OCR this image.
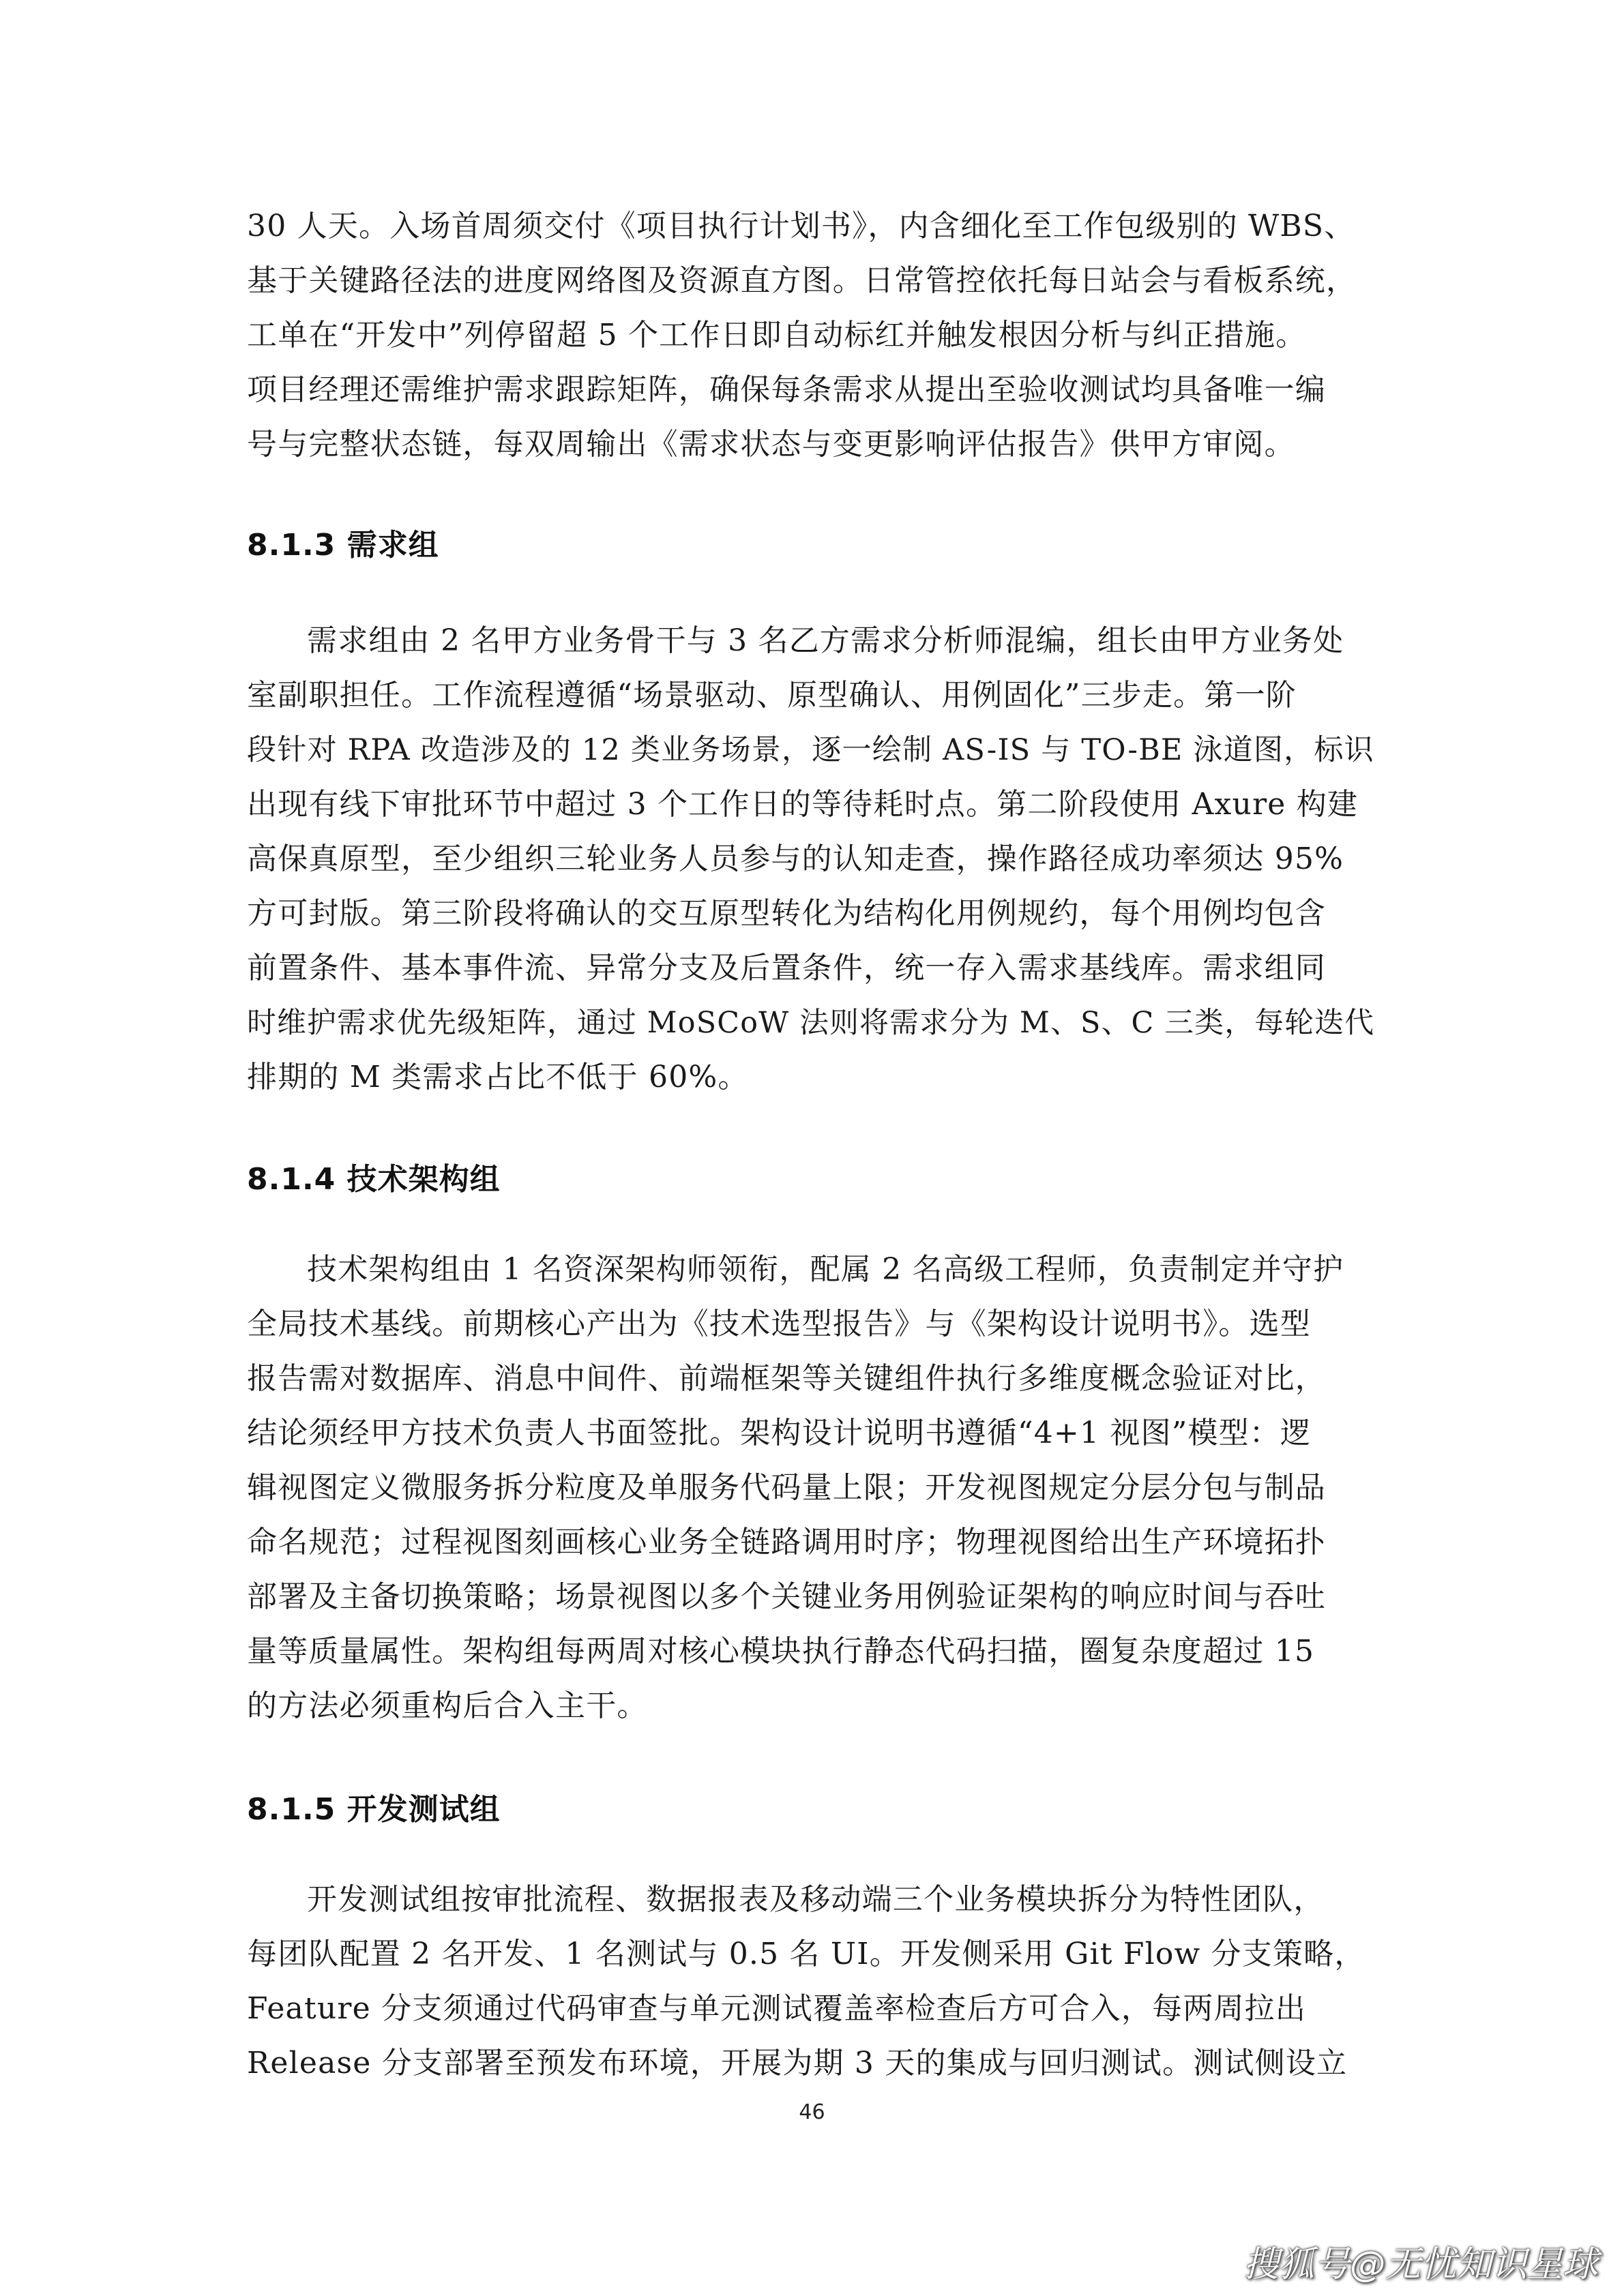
30 人天。入场首周须交付《项目执行计划书》，内含细化至工作包级别的 WBS、
基于关键路径法的进度网络图及资源直方图。日常管控依托每日站会与看板系统，
工单在“开发中”列停留超 5 个工作日即自动标红并触发根因分析与纠正措施。
项目经理还需维护需求跟踪矩阵，确保每条需求从提出至验收测试均具备唯一编
号与完整状态链，每双周输出《需求状态与变更影响评估报告》供甲方审阅。
8.1.3 需求组
需求组由 2 名甲方业务骨干与 3 名乙方需求分析师混编，组长由甲方业务处
室副职担任。工作流程遵循“场景驱动、原型确认、用例固化”三步走。第一阶
段针对 RPA 改造涉及的 12 类业务场景，逐一绘制 AS-IS 与 TO-BE 泳道图，标识
出现有线下审批环节中超过 3 个工作日的等待耗时点。第二阶段使用 Axure 构建
高保真原型，至少组织三轮业务人员参与的认知走查，操作路径成功率须达 95%
方可封版。第三阶段将确认的交互原型转化为结构化用例规约，每个用例均包含
前置条件、基本事件流、异常分支及后置条件，统一存入需求基线库。需求组同
时维护需求优先级矩阵，通过 MoSCoW 法则将需求分为 M、S、C 三类，每轮迭代
排期的 M 类需求占比不低于 60%。
8.1.4 技术架构组
技术架构组由 1 名资深架构师领衔，配属 2 名高级工程师，负责制定并守护
全局技术基线。前期核心产出为《技术选型报告》与《架构设计说明书》。选型
报告需对数据库、消息中间件、前端框架等关键组件执行多维度概念验证对比，
结论须经甲方技术负责人书面签批。架构设计说明书遵循“4+1 视图”模型：逻
辑视图定义微服务拆分粒度及单服务代码量上限；开发视图规定分层分包与制品
命名规范；过程视图刻画核心业务全链路调用时序；物理视图给出生产环境拓扑
部署及主备切换策略；场景视图以多个关键业务用例验证架构的响应时间与吞吐
量等质量属性。架构组每两周对核心模块执行静态代码扫描，圈复杂度超过 15
的方法必须重构后合入主干。
8.1.5 开发测试组
开发测试组按审批流程、数据报表及移动端三个业务模块拆分为特性团队，
每团队配置 2 名开发、1 名测试与 0.5 名 UI。开发侧采用 Git Flow 分支策略，
Feature 分支须通过代码审查与单元测试覆盖率检查后方可合入，每两周拉出
Release 分支部署至预发布环境，开展为期 3 天的集成与回归测试。测试侧设立
46
搜狐号@无忧知识星球
